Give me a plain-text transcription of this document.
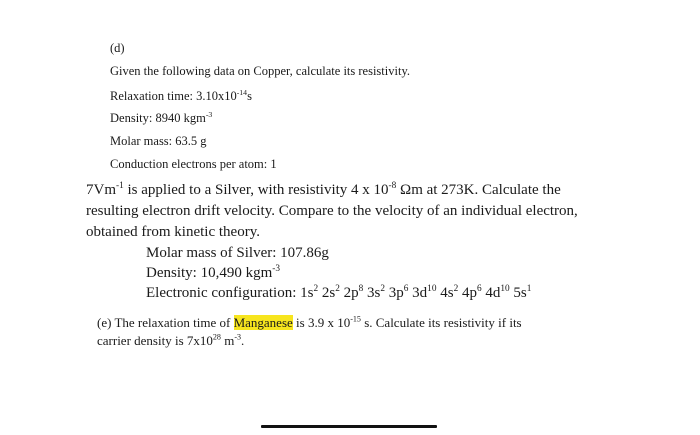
(d)
Given the following data on Copper, calculate its resistivity.
Relaxation time: $3.10x10^{-14}s$
Density: 8940 kgm$^{-3}$
Molar mass: 63.5 g
Conduction electrons per atom: 1
$7Vm^{-1}$ is applied to a Silver, with resistivity 4 x $10^{-8}$ Ωm at 273K. Calculate the
resulting electron drift velocity. Compare to the velocity of an individual electron,
obtained from kinetic theory.
Molar mass of Silver: 107.86g
Density: 10,490 kgm$^{-3}$
Electronic configuration: $1s^2$ $2s^2$ $2p^8$ $3s^2$ $3p^6$ $3d^{10}$ $4s^2$ $4p^6$ $4d^{10}$ $5s^1$
(e) The relaxation time of Manganese is 3.9 x $10^{-15}$ s. Calculate its resistivity if its
carrier density is $7x10^{28}$ $m^{-3}$.
